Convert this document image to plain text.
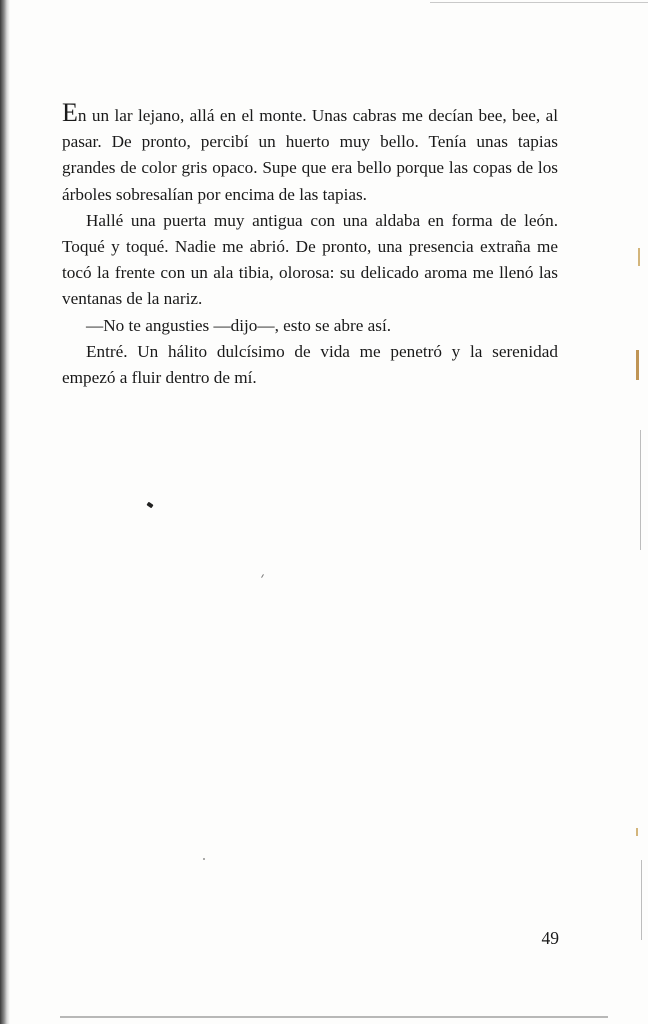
En un lar lejano, allá en el monte. Unas cabras me decían bee, bee, al pasar. De pronto, percibí un huerto muy bello. Tenía unas tapias grandes de color gris opaco. Supe que era bello porque las copas de los árboles sobresalían por encima de las tapias.

Hallé una puerta muy antigua con una aldaba en forma de león. Toqué y toqué. Nadie me abrió. De pronto, una presencia extraña me tocó la frente con un ala tibia, olorosa: su delicado aroma me llenó las ventanas de la nariz.

—No te angusties —dijo—, esto se abre así.

Entré. Un hálito dulcísimo de vida me penetró y la serenidad empezó a fluir dentro de mí.

49
